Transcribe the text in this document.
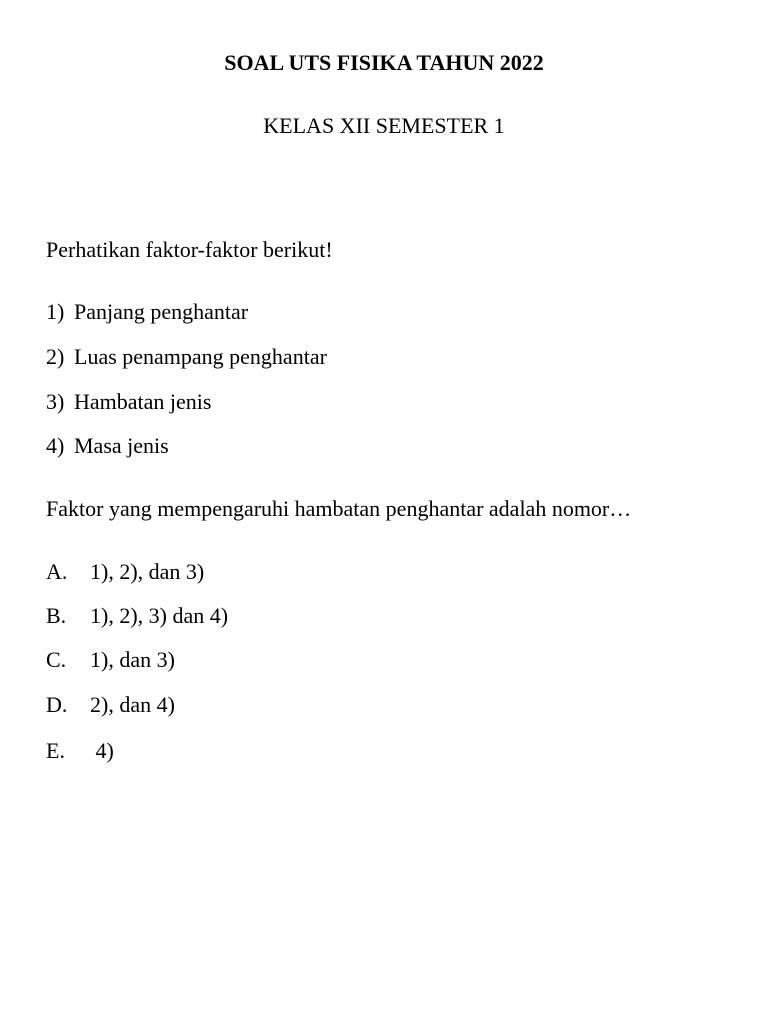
SOAL UTS FISIKA TAHUN 2022
KELAS XII SEMESTER 1
Perhatikan faktor-faktor berikut!
1) Panjang penghantar
2) Luas penampang penghantar
3) Hambatan jenis
4) Masa jenis
Faktor yang mempengaruhi hambatan penghantar adalah nomor…
A. 1), 2), dan 3)
B. 1), 2), 3) dan 4)
C. 1), dan 3)
D. 2), dan 4)
E. 4)
